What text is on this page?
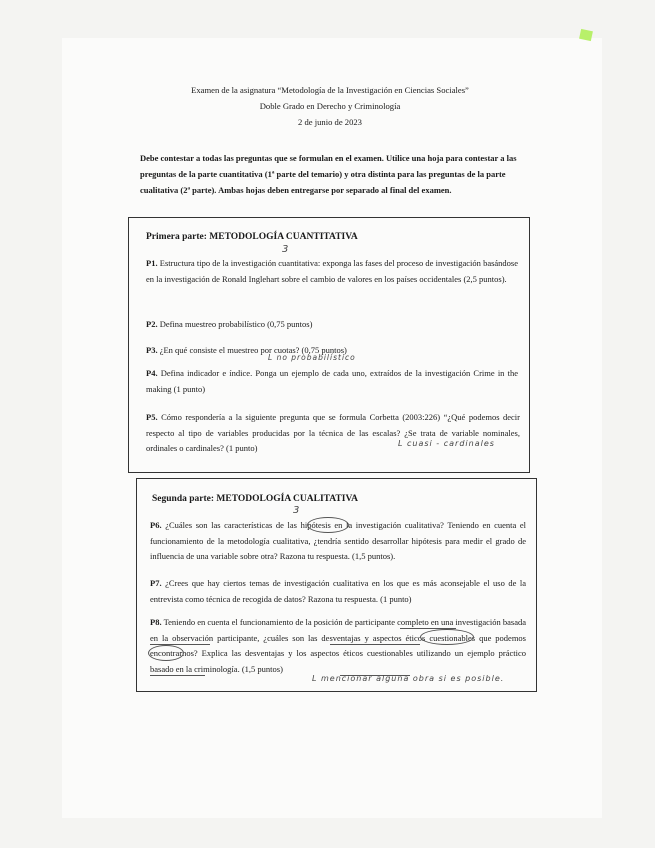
Examen de la asignatura “Metodología de la Investigación en Ciencias Sociales”
Doble Grado en Derecho y Criminología
2 de junio de 2023
Debe contestar a todas las preguntas que se formulan en el examen. Utilice una hoja para contestar a las preguntas de la parte cuantitativa (1ª parte del temario) y otra distinta para las preguntas de la parte cualitativa (2ª parte). Ambas hojas deben entregarse por separado al final del examen.
Primera parte: METODOLOGÍA CUANTITATIVA
3
P1. Estructura tipo de la investigación cuantitativa: exponga las fases del proceso de investigación basándose en la investigación de Ronald Inglehart sobre el cambio de valores en los países occidentales (2,5 puntos).
P2. Defina muestreo probabilístico (0,75 puntos)
P3. ¿En qué consiste el muestreo por cuotas? (0,75 puntos)
L no probabilístico
P4. Defina indicador e índice. Ponga un ejemplo de cada uno, extraídos de la investigación Crime in the making (1 punto)
P5. Cómo respondería a la siguiente pregunta que se formula Corbetta (2003:226) “¿Qué podemos decir respecto al tipo de variables producidas por la técnica de las escalas? ¿Se trata de variable nominales, ordinales o cardinales? (1 punto)	L cuasi - cardinales
Segunda parte: METODOLOGÍA CUALITATIVA
3
P6. ¿Cuáles son las características de las hipótesis en la investigación cualitativa? Teniendo en cuenta el funcionamiento de la metodología cualitativa, ¿tendría sentido desarrollar hipótesis para medir el grado de influencia de una variable sobre otra? Razona tu respuesta. (1,5 puntos).
P7. ¿Crees que hay ciertos temas de investigación cualitativa en los que es más aconsejable el uso de la entrevista como técnica de recogida de datos? Razona tu respuesta. (1 punto)
P8. Teniendo en cuenta el funcionamiento de la posición de participante completo en una investigación basada en la observación participante, ¿cuáles son las desventajas y aspectos éticos cuestionables que podemos encontrarnos? Explica las desventajas y los aspectos éticos cuestionables utilizando un ejemplo práctico basado en la criminología. (1,5 puntos)
L mencionar alguna obra si es posible.
